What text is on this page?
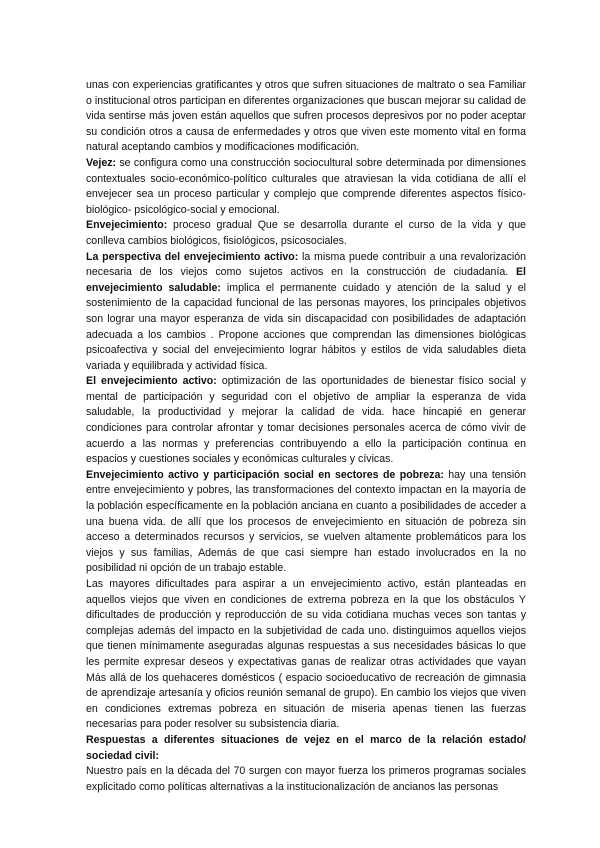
unas con experiencias gratificantes y otros que sufren situaciones de maltrato o sea Familiar o institucional otros participan en diferentes organizaciones que buscan mejorar su calidad de vida sentirse más joven están aquellos que sufren procesos depresivos por no poder aceptar su condición otros a causa de enfermedades y otros que viven este momento vital en forma natural aceptando cambios y modificaciones modificación.

Vejez: se configura como una construcción sociocultural sobre determinada por dimensiones contextuales socio-económico-político culturales que atraviesan la vida cotidiana de allí el envejecer sea un proceso particular y complejo que comprende diferentes aspectos físico- biológico- psicológico-social y emocional.

Envejecimiento: proceso gradual Que se desarrolla durante el curso de la vida y que conlleva cambios biológicos, fisiológicos, psicosociales.

La perspectiva del envejecimiento activo: la misma puede contribuir a una revalorización necesaria de los viejos como sujetos activos en la construcción de ciudadanía. El envejecimiento saludable: implica el permanente cuidado y atención de la salud y el sostenimiento de la capacidad funcional de las personas mayores, los principales objetivos son lograr una mayor esperanza de vida sin discapacidad con posibilidades de adaptación adecuada a los cambios . Propone acciones que comprendan las dimensiones biológicas psicoafectiva y social del envejecimiento lograr hábitos y estilos de vida saludables dieta variada y equilibrada y actividad física.

El envejecimiento activo: optimización de las oportunidades de bienestar físico social y mental de participación y seguridad con el objetivo de ampliar la esperanza de vida saludable, la productividad y mejorar la calidad de vida. hace hincapié en generar condiciones para controlar afrontar y tomar decisiones personales acerca de cómo vivir de acuerdo a las normas y preferencias contribuyendo a ello la participación continua en espacios y cuestiones sociales y económicas culturales y cívicas.

Envejecimiento activo y participación social en sectores de pobreza: hay una tensión entre envejecimiento y pobres, las transformaciones del contexto impactan en la mayoría de la población específicamente en la población anciana en cuanto a posibilidades de acceder a una buena vida. de allí que los procesos de envejecimiento en situación de pobreza sin acceso a determinados recursos y servicios, se vuelven altamente problemáticos para los viejos y sus familias, Además de que casi siempre han estado involucrados en la no posibilidad ni opción de un trabajo estable.

Las mayores dificultades para aspirar a un envejecimiento activo, están planteadas en aquellos viejos que viven en condiciones de extrema pobreza en la que los obstáculos Y dificultades de producción y reproducción de su vida cotidiana muchas veces son tantas y complejas además del impacto en la subjetividad de cada uno. distinguimos aquellos viejos que tienen mínimamente aseguradas algunas respuestas a sus necesidades básicas lo que les permite expresar deseos y expectativas ganas de realizar otras actividades que vayan Más allá de los quehaceres domésticos ( espacio socioeducativo de recreación de gimnasia de aprendizaje artesanía y oficios reunión semanal de grupo). En cambio los viejos que viven en condiciones extremas pobreza en situación de miseria apenas tienen las fuerzas necesarias para poder resolver su subsistencia diaria.

Respuestas a diferentes situaciones de vejez en el marco de la relación estado/ sociedad civil:

Nuestro país en la década del 70 surgen con mayor fuerza los primeros programas sociales explicitado como políticas alternativas a la institucionalización de ancianos las personas
